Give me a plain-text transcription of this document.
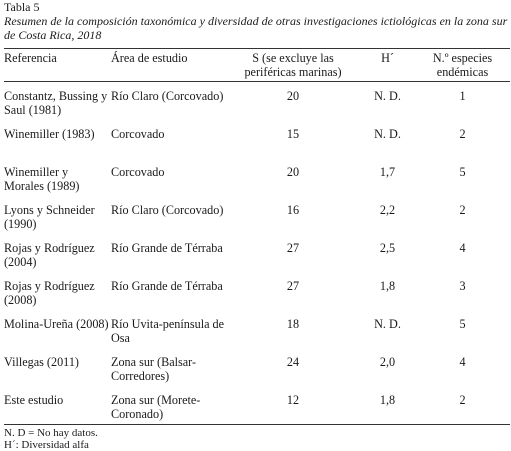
Tabla 5
Resumen de la composición taxonómica y diversidad de otras investigaciones ictiológicas en la zona sur de Costa Rica, 2018
Referencia	Área de estudio	S (se excluye las periféricas marinas)	H´	N.º especies endémicas
Constantz, Bussing y Saul (1981)	Río Claro (Corcovado)	20	N. D.	1
Winemiller (1983)	Corcovado	15	N. D.	2
Winemiller y Morales (1989)	Corcovado	20	1,7	5
Lyons y Schneider (1990)	Río Claro (Corcovado)	16	2,2	2
Rojas y Rodríguez (2004)	Río Grande de Térraba	27	2,5	4
Rojas y Rodríguez (2008)	Río Grande de Térraba	27	1,8	3
Molina-Ureña (2008)	Río Uvita-península de Osa	18	N. D.	5
Villegas (2011)	Zona sur (Balsar-Corredores)	24	2,0	4
Este estudio	Zona sur (Morete-Coronado)	12	1,8	2
N. D = No hay datos.
H´: Diversidad alfa
